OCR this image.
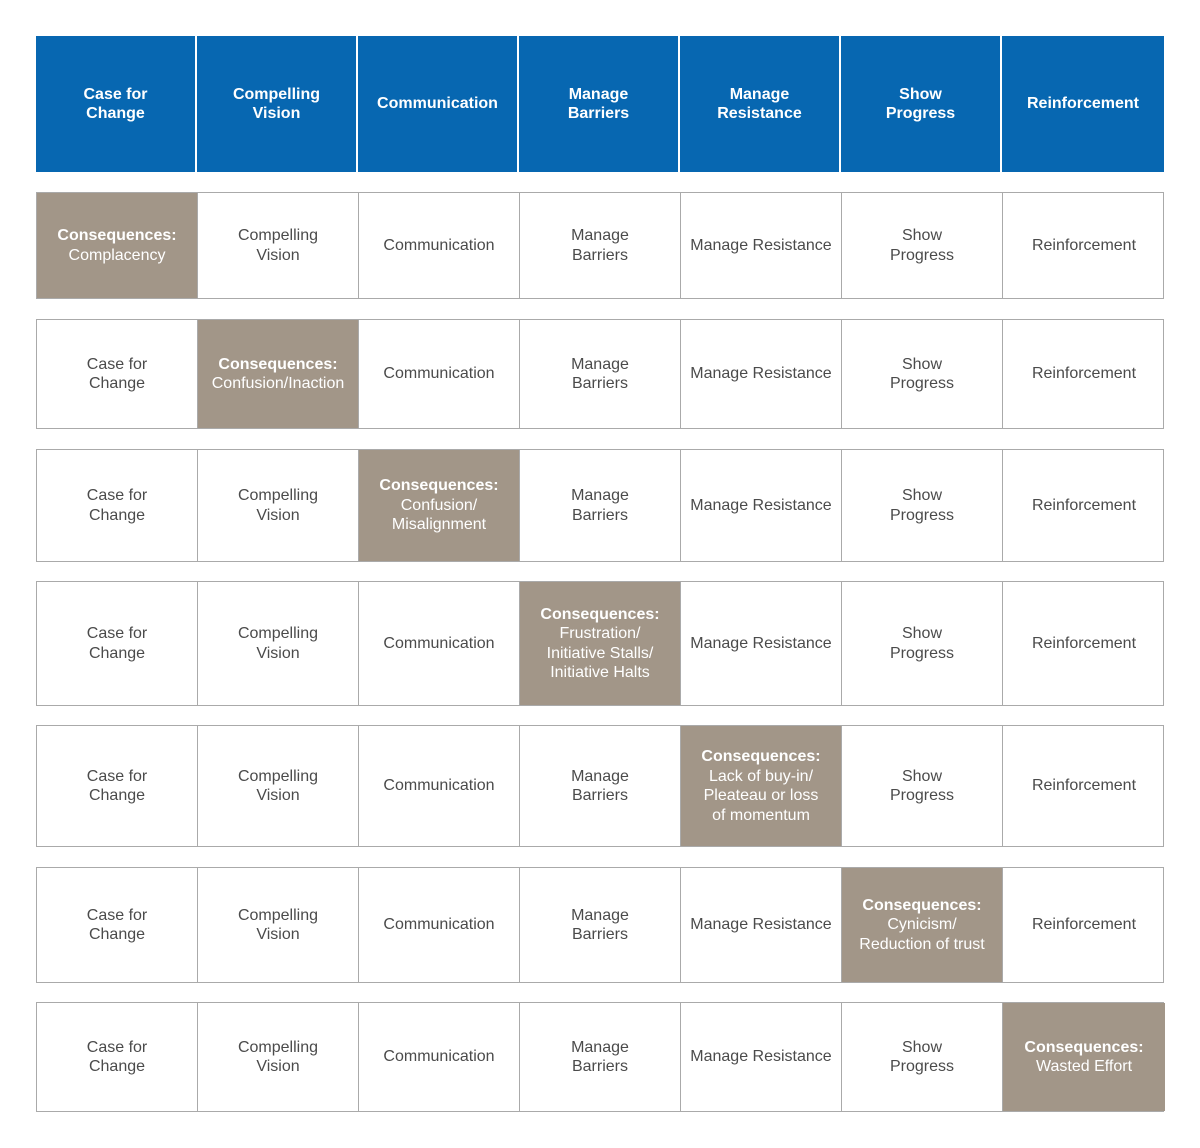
Case for
Change
Compelling
Vision
Communication
Manage
Barriers
Manage
Resistance
Show
Progress
Reinforcement
Consequences:
Complacency
Compelling
Vision
Communication
Manage
Barriers
Manage Resistance
Show
Progress
Reinforcement
Case for
Change
Consequences:
Confusion/Inaction
Communication
Manage
Barriers
Manage Resistance
Show
Progress
Reinforcement
Case for
Change
Compelling
Vision
Consequences:
Confusion/
Misalignment
Manage
Barriers
Manage Resistance
Show
Progress
Reinforcement
Case for
Change
Compelling
Vision
Communication
Consequences:
Frustration/
Initiative Stalls/
Initiative Halts
Manage Resistance
Show
Progress
Reinforcement
Case for
Change
Compelling
Vision
Communication
Manage
Barriers
Consequences:
Lack of buy-in/
Pleateau or loss
of momentum
Show
Progress
Reinforcement
Case for
Change
Compelling
Vision
Communication
Manage
Barriers
Manage Resistance
Consequences:
Cynicism/
Reduction of trust
Reinforcement
Case for
Change
Compelling
Vision
Communication
Manage
Barriers
Manage Resistance
Show
Progress
Consequences:
Wasted Effort
